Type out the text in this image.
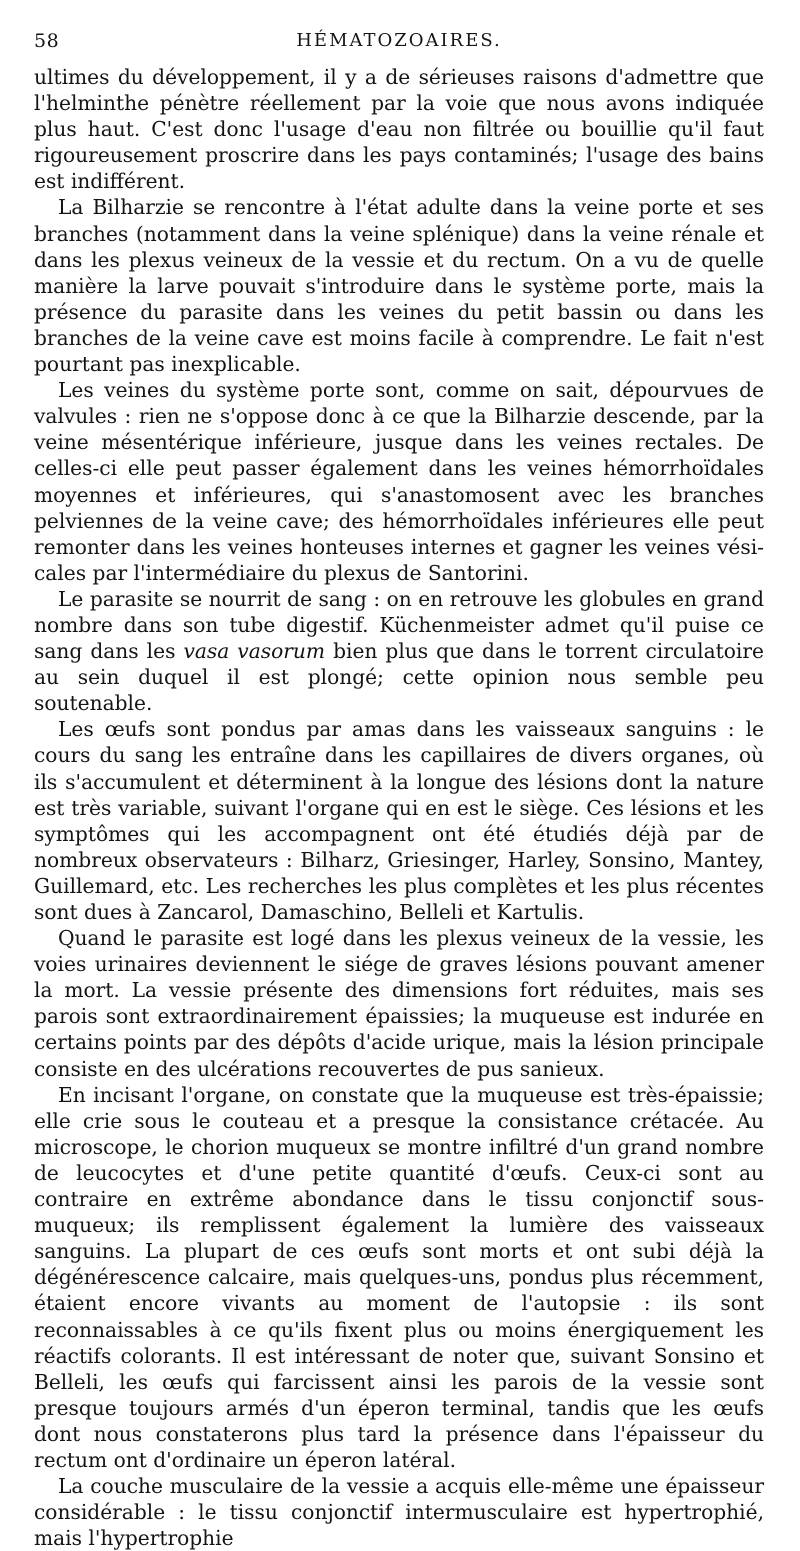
58	HÉMATOZOAIRES.

ultimes du développement, il y a de sérieuses raisons d'admettre que l'helminthe pénètre réellement par la voie que nous avons indiquée plus haut. C'est donc l'usage d'eau non filtrée ou bouillie qu'il faut rigoureusement proscrire dans les pays contaminés; l'usage des bains est indifférent.

La Bilharzie se rencontre à l'état adulte dans la veine porte et ses branches (notamment dans la veine splénique) dans la veine rénale et dans les plexus veineux de la vessie et du rectum. On a vu de quelle manière la larve pouvait s'introduire dans le système porte, mais la présence du parasite dans les veines du petit bassin ou dans les branches de la veine cave est moins facile à comprendre. Le fait n'est pourtant pas inexplicable.

Les veines du système porte sont, comme on sait, dépourvues de valvules : rien ne s'oppose donc à ce que la Bilharzie descende, par la veine mésentérique inférieure, jusque dans les veines rectales. De celles-ci elle peut passer également dans les veines hémorrhoïdales moyennes et inférieures, qui s'anastomosent avec les branches pelviennes de la veine cave; des hémorrhoïdales inférieures elle peut remonter dans les veines honteuses internes et gagner les veines vésicales par l'intermédiaire du plexus de Santorini.

Le parasite se nourrit de sang : on en retrouve les globules en grand nombre dans son tube digestif. Küchenmeister admet qu'il puise ce sang dans les vasa vasorum bien plus que dans le torrent circulatoire au sein duquel il est plongé; cette opinion nous semble peu soutenable.

Les œufs sont pondus par amas dans les vaisseaux sanguins : le cours du sang les entraîne dans les capillaires de divers organes, où ils s'accumulent et déterminent à la longue des lésions dont la nature est très variable, suivant l'organe qui en est le siège. Ces lésions et les symptômes qui les accompagnent ont été étudiés déjà par de nombreux observateurs : Bilharz, Griesinger, Harley, Sonsino, Mantey, Guillemard, etc. Les recherches les plus complètes et les plus récentes sont dues à Zancarol, Damaschino, Belleli et Kartulis.

Quand le parasite est logé dans les plexus veineux de la vessie, les voies urinaires deviennent le siége de graves lésions pouvant amener la mort. La vessie présente des dimensions fort réduites, mais ses parois sont extraordinairement épaissies; la muqueuse est indurée en certains points par des dépôts d'acide urique, mais la lésion principale consiste en des ulcérations recouvertes de pus sanieux.

En incisant l'organe, on constate que la muqueuse est très-épaissie; elle crie sous le couteau et a presque la consistance crétacée. Au microscope, le chorion muqueux se montre infiltré d'un grand nombre de leucocytes et d'une petite quantité d'œufs. Ceux-ci sont au contraire en extrême abondance dans le tissu conjonctif sous-muqueux; ils remplissent également la lumière des vaisseaux sanguins. La plupart de ces œufs sont morts et ont subi déjà la dégénérescence calcaire, mais quelques-uns, pondus plus récemment, étaient encore vivants au moment de l'autopsie : ils sont reconnaissables à ce qu'ils fixent plus ou moins énergiquement les réactifs colorants. Il est intéressant de noter que, suivant Sonsino et Belleli, les œufs qui farcissent ainsi les parois de la vessie sont presque toujours armés d'un éperon terminal, tandis que les œufs dont nous constaterons plus tard la présence dans l'épaisseur du rectum ont d'ordinaire un éperon latéral.

La couche musculaire de la vessie a acquis elle-même une épaisseur considérable : le tissu conjonctif intermusculaire est hypertrophié, mais l'hypertrophie
